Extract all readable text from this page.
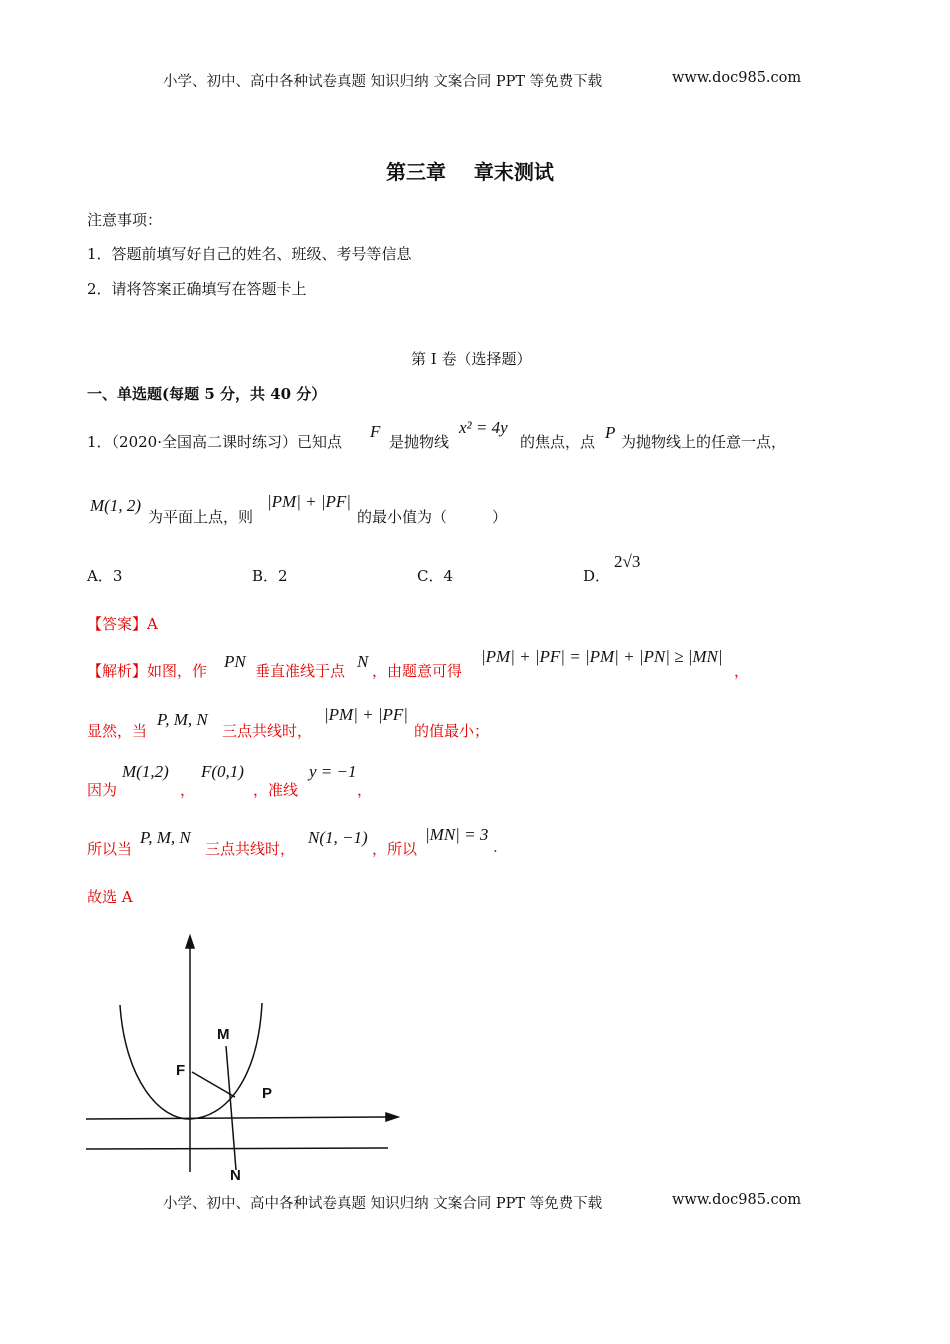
小学、初中、高中各种试卷真题 知识归纳 文案合同 PPT 等免费下载	www.doc985.com
第三章    章末测试
注意事项：
1．答题前填写好自己的姓名、班级、考号等信息
2．请将答案正确填写在答题卡上
第 I 卷（选择题）
一、单选题(每题 5 分，共 40 分）
1．（2020·全国高二课时练习）已知点
F
是抛物线
x² = 4y
的焦点，点 P 为抛物线上的任意一点，
M(1, 2)
为平面上点，则
|PM| + |PF|
的最小值为（　　　）
A．3	B．2	C．4	D．
2√3
【答案】A
【解析】如图，作 PN 垂直准线于点 N ，由题意可得
|PM| + |PF| = |PM| + |PN| ≥ |MN|
，
显然，当
P, M, N
三点共线时，
|PM| + |PF|
的值最小；
因为
M(1,2)
，
F(0,1)
，准线
y = −1
，
所以当
P, M, N
三点共线时，
N(1, −1)
，所以
|MN| = 3
.
故选 A
M
F
P
N
小学、初中、高中各种试卷真题 知识归纳 文案合同 PPT 等免费下载	www.doc985.com
